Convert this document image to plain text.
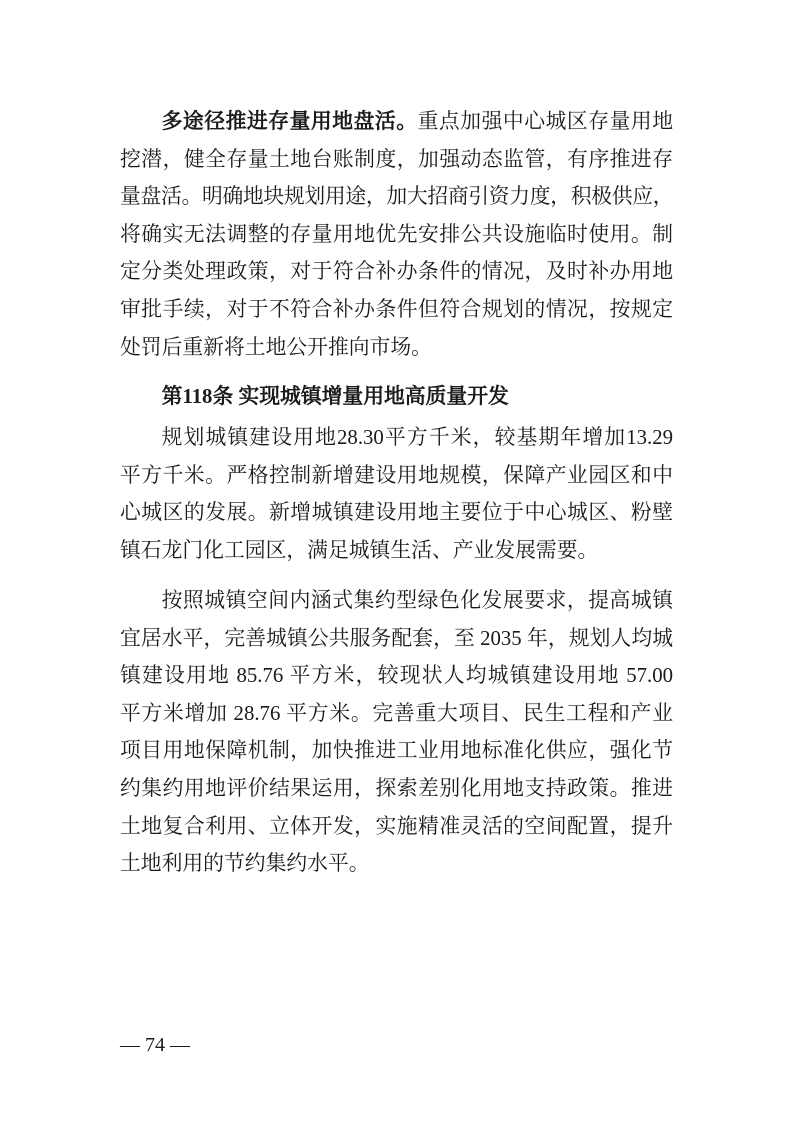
多途径推进存量用地盘活。重点加强中心城区存量用地
挖潜，健全存量土地台账制度，加强动态监管，有序推进存
量盘活。明确地块规划用途，加大招商引资力度，积极供应，
将确实无法调整的存量用地优先安排公共设施临时使用。制
定分类处理政策，对于符合补办条件的情况，及时补办用地
审批手续，对于不符合补办条件但符合规划的情况，按规定
处罚后重新将土地公开推向市场。
第118条 实现城镇增量用地高质量开发
规划城镇建设用地28.30平方千米，较基期年增加13.29
平方千米。严格控制新增建设用地规模，保障产业园区和中
心城区的发展。新增城镇建设用地主要位于中心城区、粉壁
镇石龙门化工园区，满足城镇生活、产业发展需要。
按照城镇空间内涵式集约型绿色化发展要求，提高城镇
宜居水平，完善城镇公共服务配套，至 2035 年，规划人均城
镇建设用地 85.76 平方米，较现状人均城镇建设用地 57.00
平方米增加 28.76 平方米。完善重大项目、民生工程和产业
项目用地保障机制，加快推进工业用地标准化供应，强化节
约集约用地评价结果运用，探索差别化用地支持政策。推进
土地复合利用、立体开发，实施精准灵活的空间配置，提升
土地利用的节约集约水平。
— 74 —
